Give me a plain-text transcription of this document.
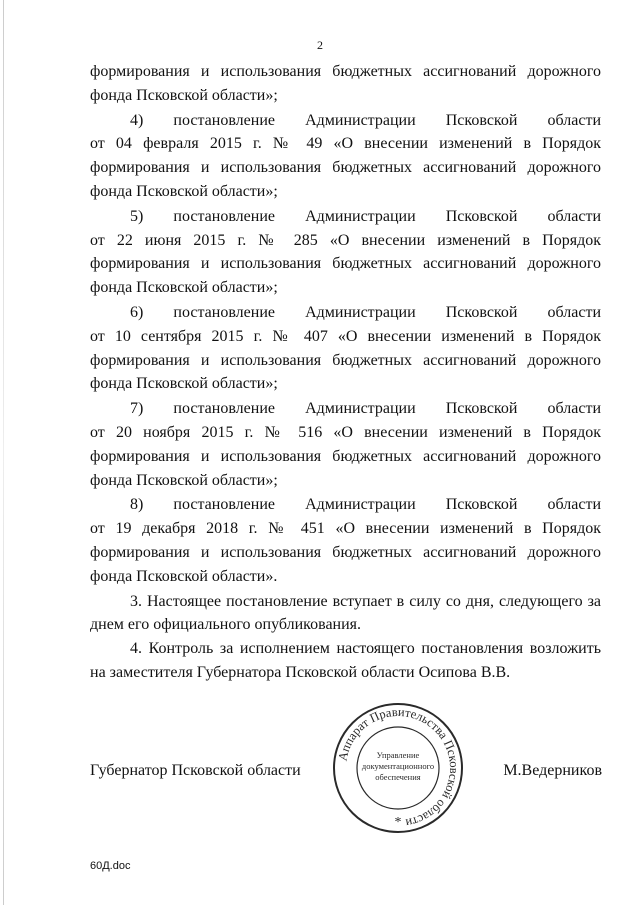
2

формирования и использования бюджетных ассигнований дорожного

фонда Псковской области»;

4) постановление Администрации Псковской области
от 04 февраля 2015 г. № 49 «О внесении изменений в Порядок
формирования и использования бюджетных ассигнований дорожного
фонда Псковской области»;

5) постановление Администрации Псковской области
от 22 июня 2015 г. № 285 «О внесении изменений в Порядок
формирования и использования бюджетных ассигнований дорожного
фонда Псковской области»;

6) постановление Администрации Псковской области
от 10 сентября 2015 г. № 407 «О внесении изменений в Порядок
формирования и использования бюджетных ассигнований дорожного
фонда Псковской области»;

7) постановление Администрации Псковской области
от 20 ноября 2015 г. № 516 «О внесении изменений в Порядок
формирования и использования бюджетных ассигнований дорожного
фонда Псковской области»;

8) постановление Администрации Псковской области
от 19 декабря 2018 г. № 451 «О внесении изменений в Порядок
формирования и использования бюджетных ассигнований дорожного
фонда Псковской области».

3. Настоящее постановление вступает в силу со дня, следующего за днем его официального опубликования.

4. Контроль за исполнением настоящего постановления возложить на заместителя Губернатора Псковской области Осипова В.В.

Губернатор Псковской области	М.Ведерников
Аппарат Правительства Псковской области
Управление
документационного
обеспечения
*
60Д.doc
